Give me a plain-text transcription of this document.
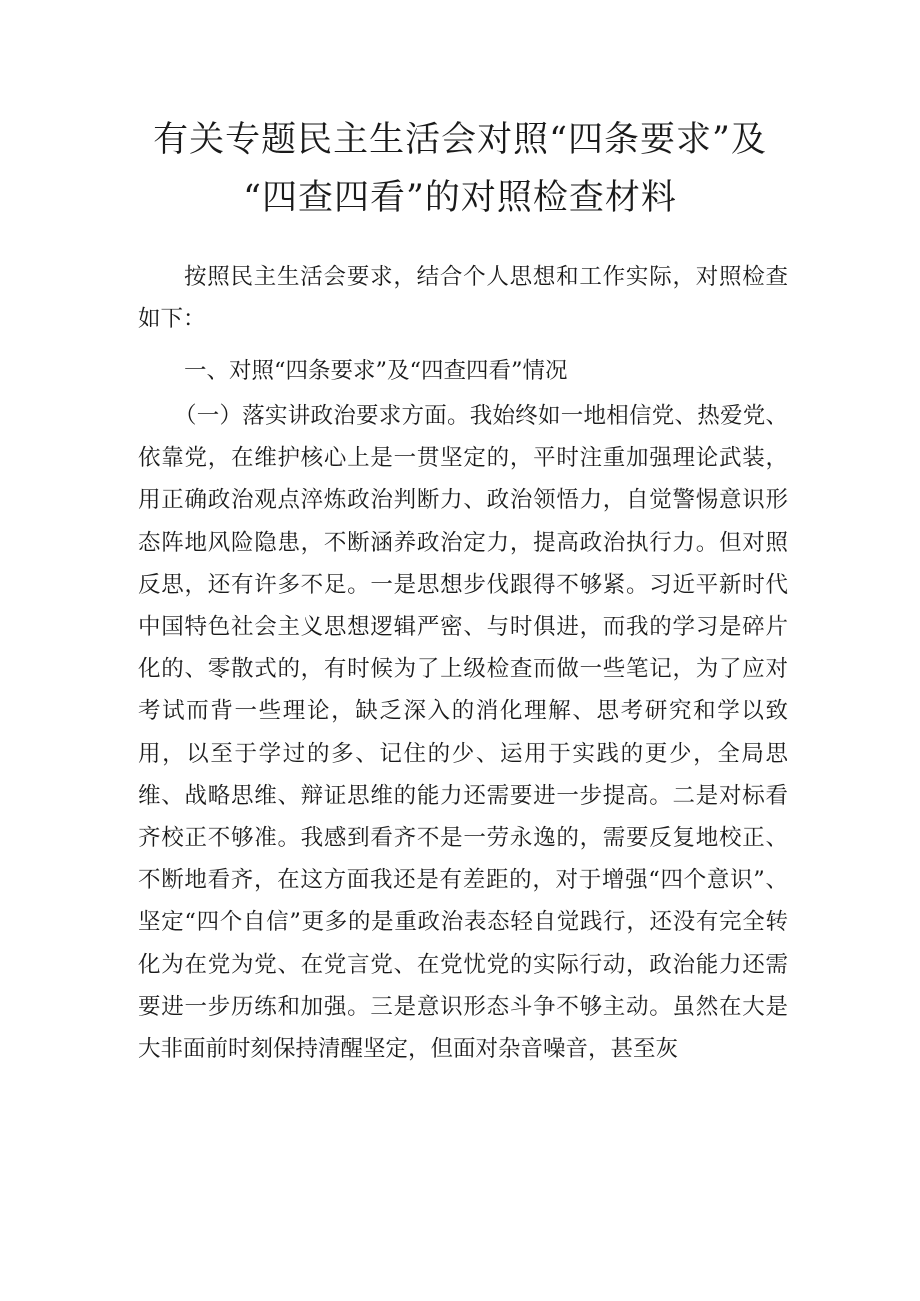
有关专题民主生活会对照“四条要求”及
“四查四看”的对照检查材料

按照民主生活会要求，结合个人思想和工作实际，对照检查如下：

一、对照“四条要求”及“四查四看”情况

（一）落实讲政治要求方面。我始终如一地相信党、热爱党、依靠党，在维护核心上是一贯坚定的，平时注重加强理论武装，用正确政治观点淬炼政治判断力、政治领悟力，自觉警惕意识形态阵地风险隐患，不断涵养政治定力，提高政治执行力。但对照反思，还有许多不足。一是思想步伐跟得不够紧。习近平新时代中国特色社会主义思想逻辑严密、与时俱进，而我的学习是碎片化的、零散式的，有时候为了上级检查而做一些笔记，为了应对考试而背一些理论，缺乏深入的消化理解、思考研究和学以致用，以至于学过的多、记住的少、运用于实践的更少，全局思维、战略思维、辩证思维的能力还需要进一步提高。二是对标看齐校正不够准。我感到看齐不是一劳永逸的，需要反复地校正、不断地看齐，在这方面我还是有差距的，对于增强“四个意识”、坚定“四个自信”更多的是重政治表态轻自觉践行，还没有完全转化为在党为党、在党言党、在党忧党的实际行动，政治能力还需要进一步历练和加强。三是意识形态斗争不够主动。虽然在大是大非面前时刻保持清醒坚定，但面对杂音噪音，甚至灰
